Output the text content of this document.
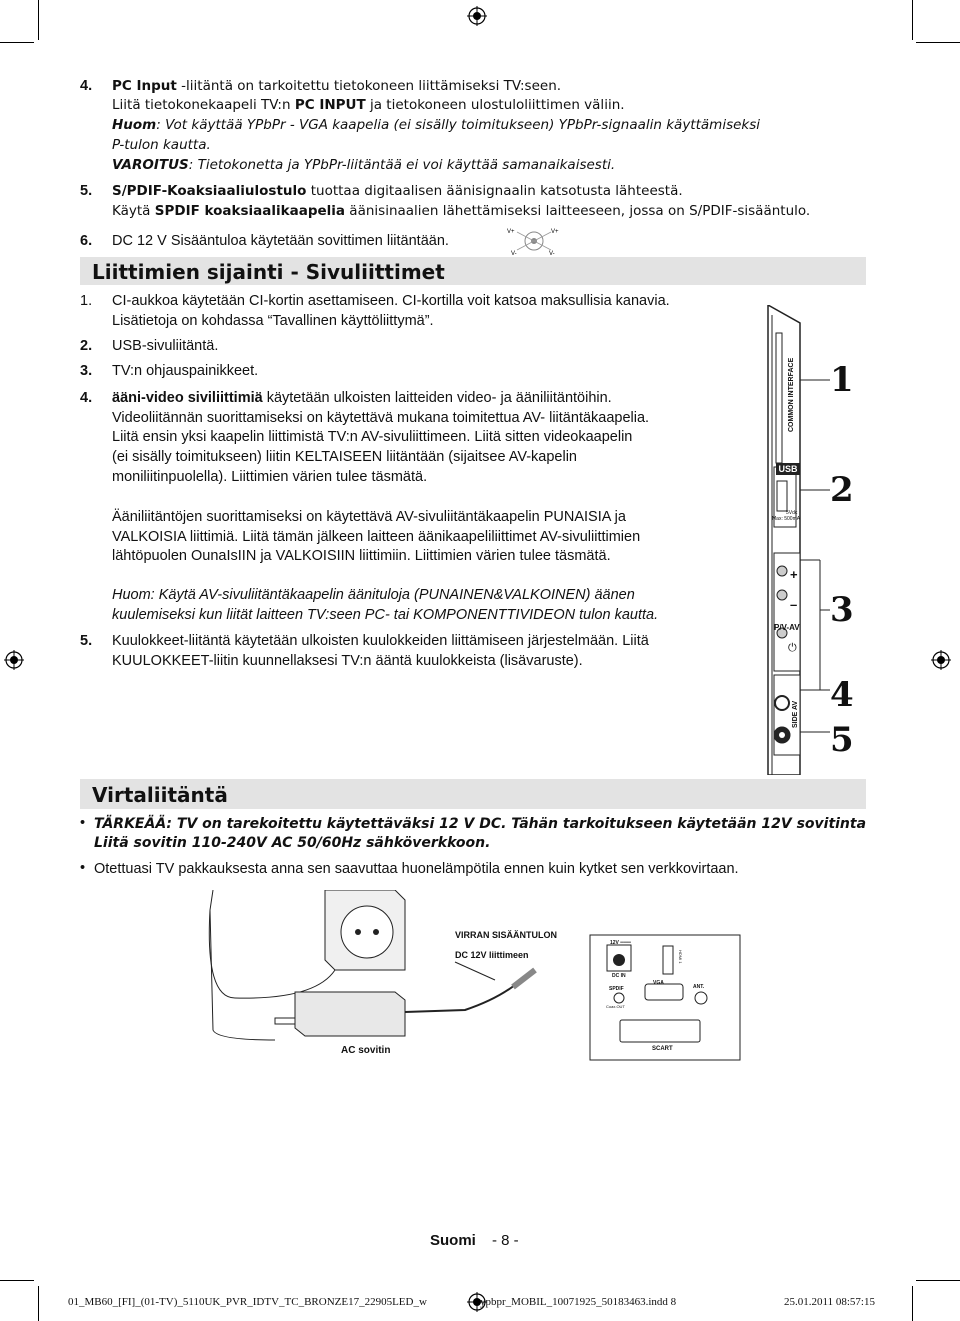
4. PC Input -liitäntä on tarkoitettu tietokoneen liittämiseksi TV:seen.
Liitä tietokonekaapeli TV:n PC INPUT ja tietokoneen ulostuloliittimen väliin.
Huom: Vot käyttää YPbPr - VGA kaapelia (ei sisälly toimitukseen) YPbPr-signaalin käyttämiseksi
P-tulon kautta.
VAROITUS: Tietokonetta ja YPbPr-liitäntää ei voi käyttää samanaikaisesti.
5. S/PDIF-Koaksiaaliulostulo tuottaa digitaalisen äänisignaalin katsotusta lähteestä.
Käytä SPDIF koaksiaalikaapelia äänisinaalien lähettämiseksi laitteeseen, jossa on S/PDIF-sisääntulo.
6. DC 12 V Sisääntuloa käytetään sovittimen liitäntään.
V+	V+
V-	V-
Liittimien sijainti - Sivuliittimet
1. CI-aukkoa käytetään CI-kortin asettamiseen. CI-kortilla voit katsoa maksullisia kanavia.
Lisätietoja on kohdassa “Tavallinen käyttöliittymä”.
2. USB-sivuliitäntä.
3. TV:n ohjauspainikkeet.
4. ääni-video siviliittimiä käytetään ulkoisten laitteiden video- ja ääniliitäntöihin.
Videoliitännän suorittamiseksi on käytettävä mukana toimitettua AV- liitäntäkaapelia.
Liitä ensin yksi kaapelin liittimistä TV:n AV-sivuliittimeen. Liitä sitten videokaapelin
(ei sisälly toimitukseen) liitin KELTAISEEN liitäntään (sijaitsee AV-kapelin
moniliitinpuolella). Liittimien värien tulee täsmätä.
Ääniliitäntöjen suorittamiseksi on käytettävä AV-sivuliitäntäkaapelin PUNAISIA ja
VALKOISIA liittimiä. Liitä tämän jälkeen laitteen äänikaapeliliittimet AV-sivuliittimien
lähtöpuolen OunaIsIIN ja VALKOISIIN liittimiin. Liittimien värien tulee täsmätä.
Huom: Käytä AV-sivuliitäntäkaapelin äänituloja (PUNAINEN&VALKOINEN) äänen
kuulemiseksi kun liität laitteen TV:seen PC- tai KOMPONENTTIVIDEON tulon kautta.
5. Kuulokkeet-liitäntä käytetään ulkoisten kuulokkeiden liittämiseen järjestelmään. Liitä
KUULOKKEET-liitin kuunnellaksesi TV:n ääntä kuulokkeista (lisävaruste).
COMMON INTERFACE
USB
5Vdc
Max: 500mA
+
–
P/V-AV
⏻
SIDE AV
1
2
3
4
5
Virtaliitäntä
• TÄRKEÄÄ: TV on tarekoitettu käytettäväksi 12 V DC. Tähän tarkoitukseen käytetään 12V sovitinta
Liitä sovitin 110-240V AC 50/60Hz sähköverkkoon.
• Otettuasi TV pakkauksesta anna sen saavuttaa huonelämpötila ennen kuin kytket sen verkkovirtaan.
VIRRAN SISÄÄNTULON
DC 12V liittimeen
AC sovitin
12V ═══
HDMI 1
DC IN
VGA
SPDIF
Coax.OUT
ANT.
SCART
Suomi - 8 -
01_MB60_[FI]_(01-TV)_5110UK_PVR_IDTV_TC_BRONZE17_22905LED_w	ypbpr_MOBIL_10071925_50183463.indd 8	25.01.2011 08:57:15
